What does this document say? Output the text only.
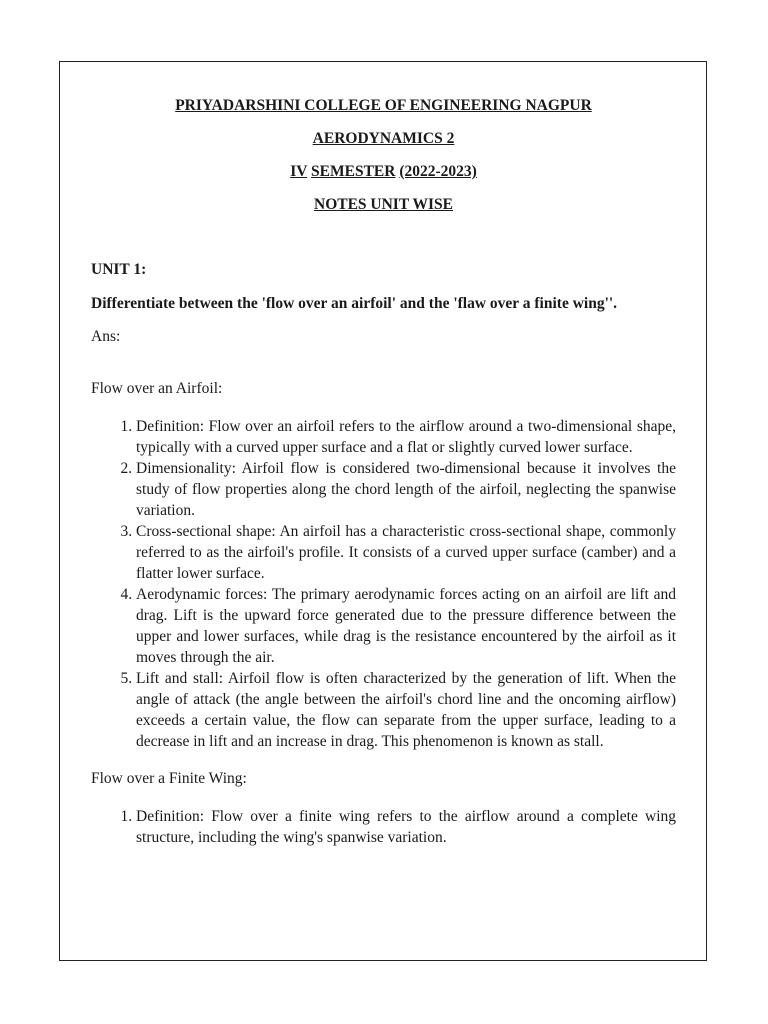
PRIYADARSHINI COLLEGE OF ENGINEERING NAGPUR

AERODYNAMICS 2

IV SEMESTER (2022-2023)

NOTES UNIT WISE

UNIT 1:
Differentiate between the 'flow over an airfoil' and the 'flaw over a finite wing''.
Ans:
Flow over an Airfoil:
1. Definition: Flow over an airfoil refers to the airflow around a two-dimensional shape, typically with a curved upper surface and a flat or slightly curved lower surface.
2. Dimensionality: Airfoil flow is considered two-dimensional because it involves the study of flow properties along the chord length of the airfoil, neglecting the spanwise variation.
3. Cross-sectional shape: An airfoil has a characteristic cross-sectional shape, commonly referred to as the airfoil's profile. It consists of a curved upper surface (camber) and a flatter lower surface.
4. Aerodynamic forces: The primary aerodynamic forces acting on an airfoil are lift and drag. Lift is the upward force generated due to the pressure difference between the upper and lower surfaces, while drag is the resistance encountered by the airfoil as it moves through the air.
5. Lift and stall: Airfoil flow is often characterized by the generation of lift. When the angle of attack (the angle between the airfoil's chord line and the oncoming airflow) exceeds a certain value, the flow can separate from the upper surface, leading to a decrease in lift and an increase in drag. This phenomenon is known as stall.
Flow over a Finite Wing:
1. Definition: Flow over a finite wing refers to the airflow around a complete wing structure, including the wing's spanwise variation.
